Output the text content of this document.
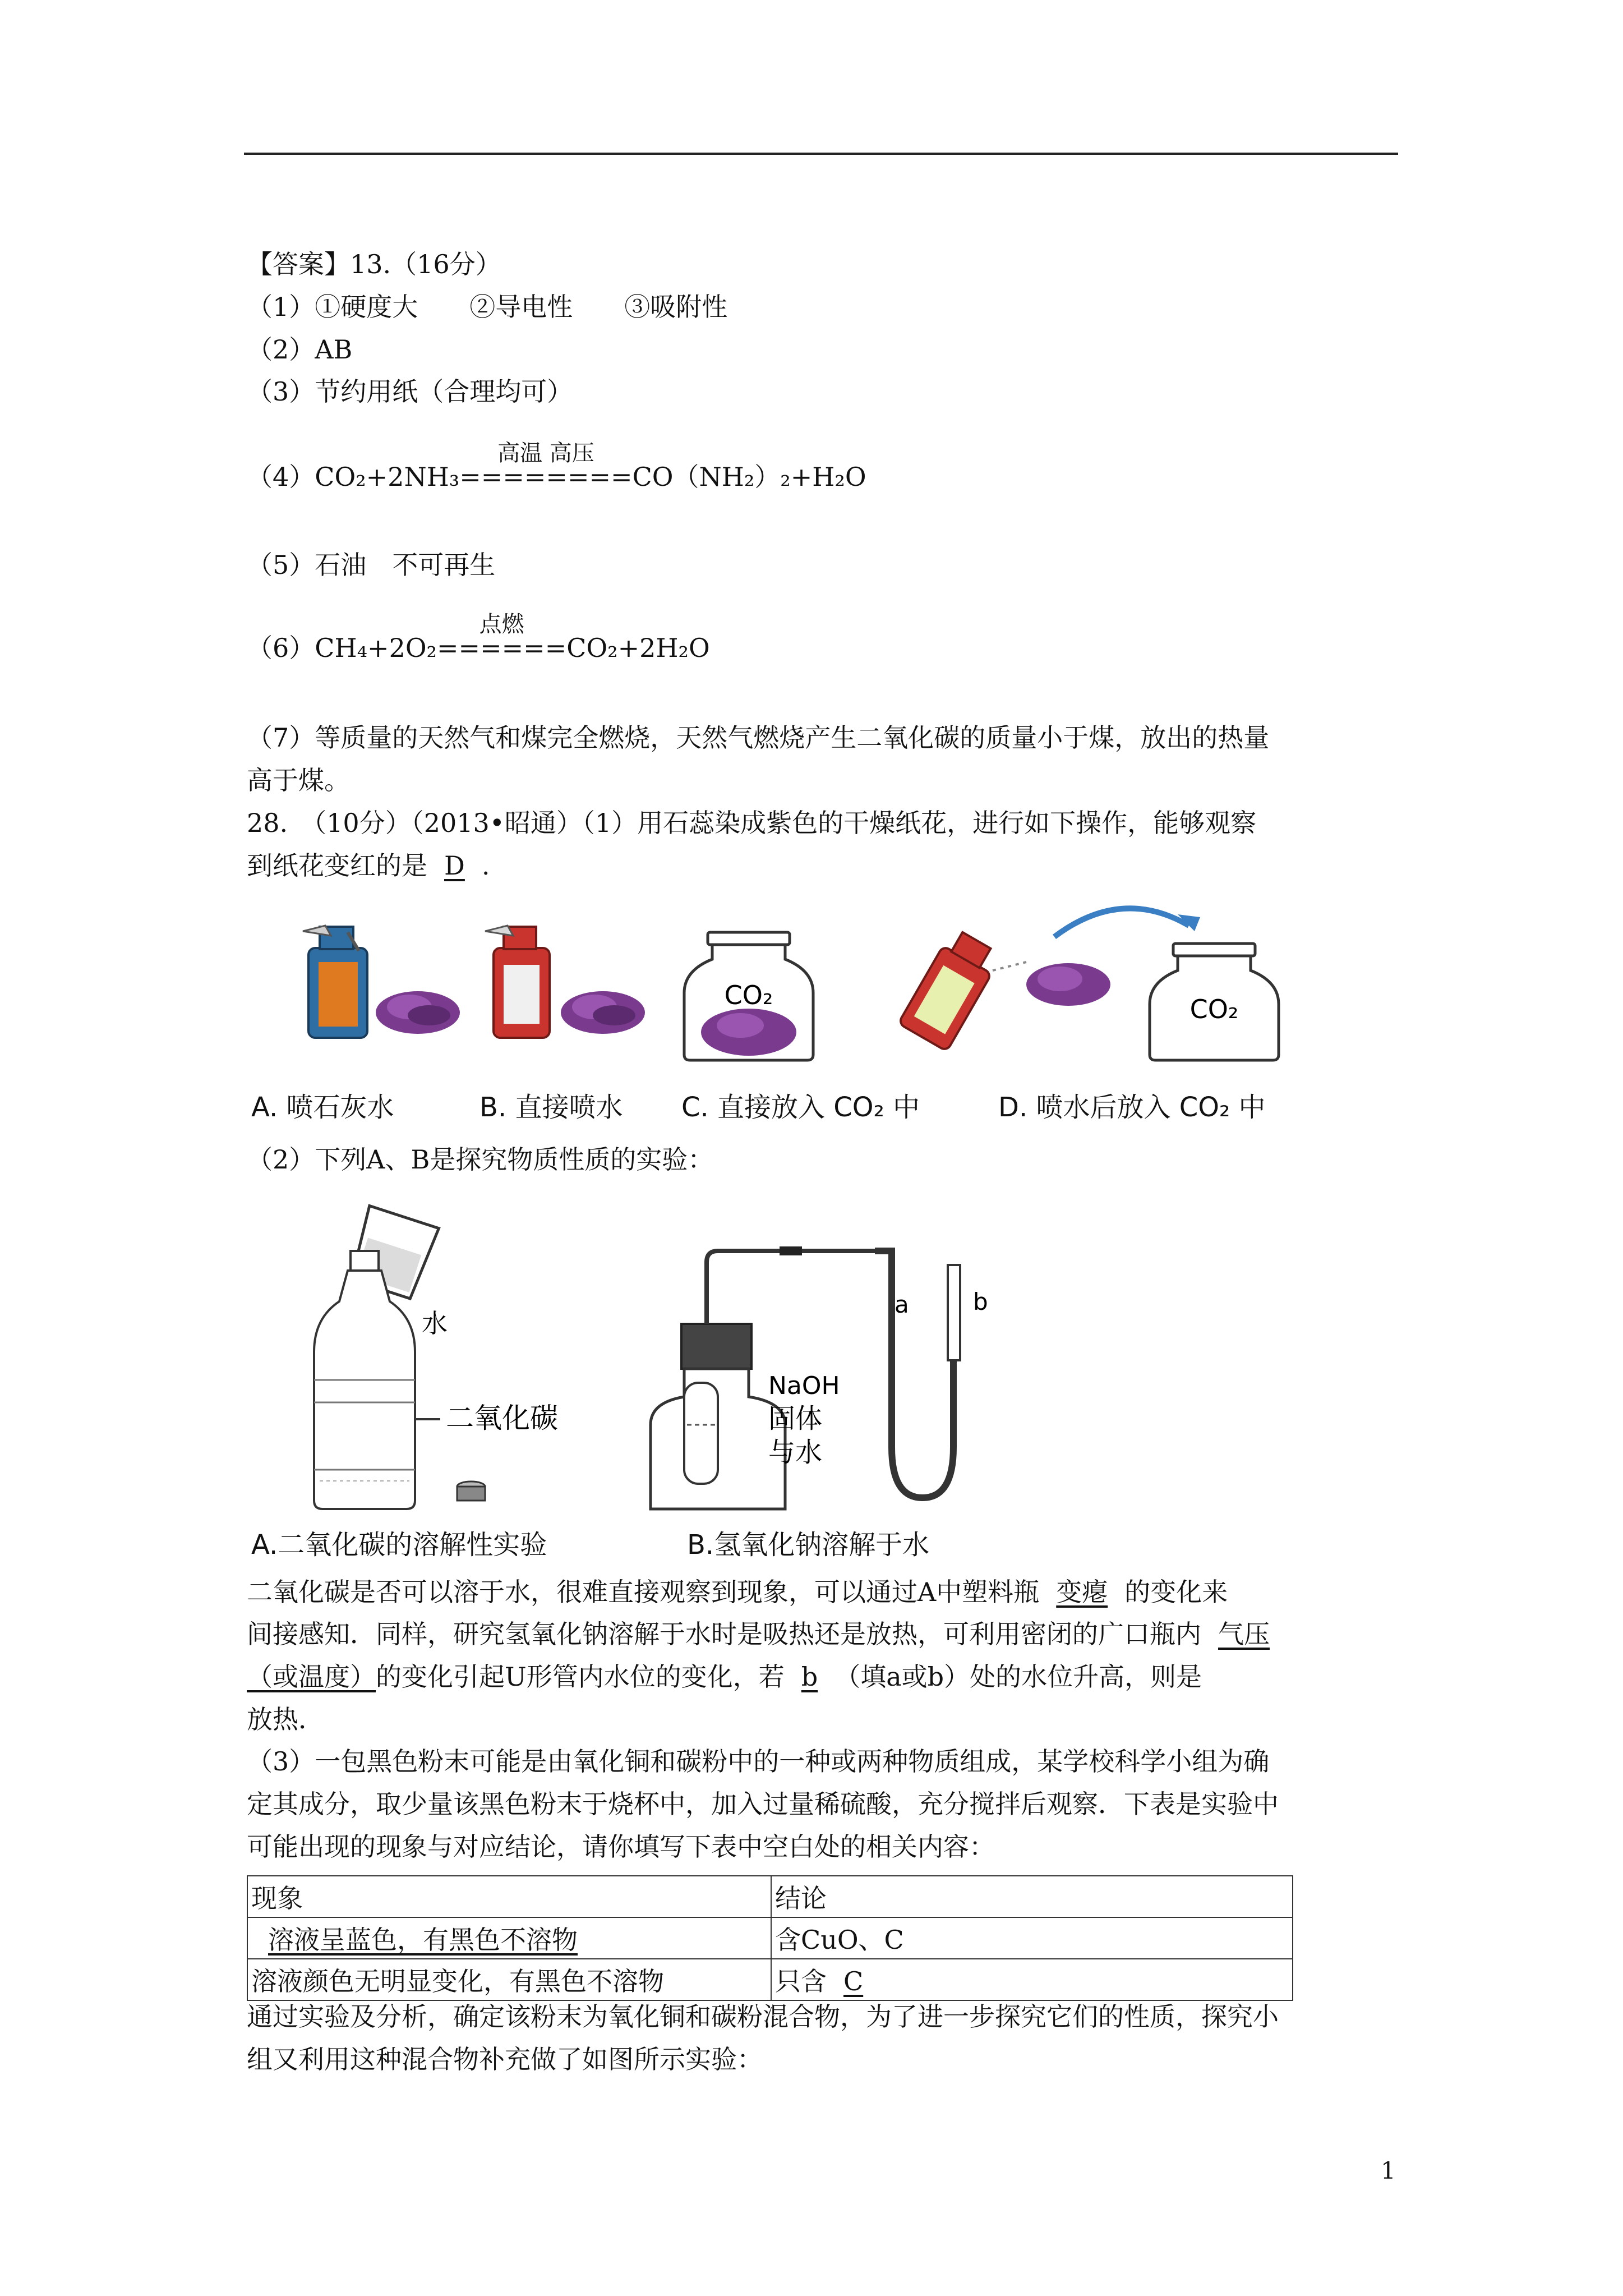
【答案】13.（16分）
（1）①硬度大　　②导电性　　③吸附性
（2）AB
（3）节约用纸（合理均可）
（4）CO₂+2NH₃
高温 高压
========CO（NH₂）₂+H₂O
（5）石油　不可再生
（6）CH₄+2O₂
点燃
======CO₂+2H₂O
（7）等质量的天然气和煤完全燃烧，天然气燃烧产生二氧化碳的质量小于煤，放出的热量
高于煤。
28.　（10分）（2013•昭通）（1）用石蕊染成紫色的干燥纸花，进行如下操作，能够观察
到纸花变红的是 D .
CO₂	CO₂
A. 喷石灰水	B. 直接喷水 C. 直接放入 CO₂ 中	D. 喷水后放入 CO₂ 中
（2）下列A、B是探究物质性质的实验：
水
二氧化碳
a	b
NaOH
固体
与水
A.二氧化碳的溶解性实验	B.氢氧化钠溶解于水
二氧化碳是否可以溶于水，很难直接观察到现象，可以通过A中塑料瓶 变瘪 的变化来
间接感知．同样，研究氢氧化钠溶解于水时是吸热还是放热，可利用密闭的广口瓶内 气压
（或温度）的变化引起U形管内水位的变化，若 b （填a或b）处的水位升高，则是
放热．
（3）一包黑色粉末可能是由氧化铜和碳粉中的一种或两种物质组成，某学校科学小组为确
定其成分，取少量该黑色粉末于烧杯中，加入过量稀硫酸，充分搅拌后观察．下表是实验中
可能出现的现象与对应结论，请你填写下表中空白处的相关内容：
现象	结论
溶液呈蓝色，有黑色不溶物	含CuO、C
溶液颜色无明显变化，有黑色不溶物	只含 C
通过实验及分析，确定该粉末为氧化铜和碳粉混合物，为了进一步探究它们的性质，探究小
组又利用这种混合物补充做了如图所示实验：
1
